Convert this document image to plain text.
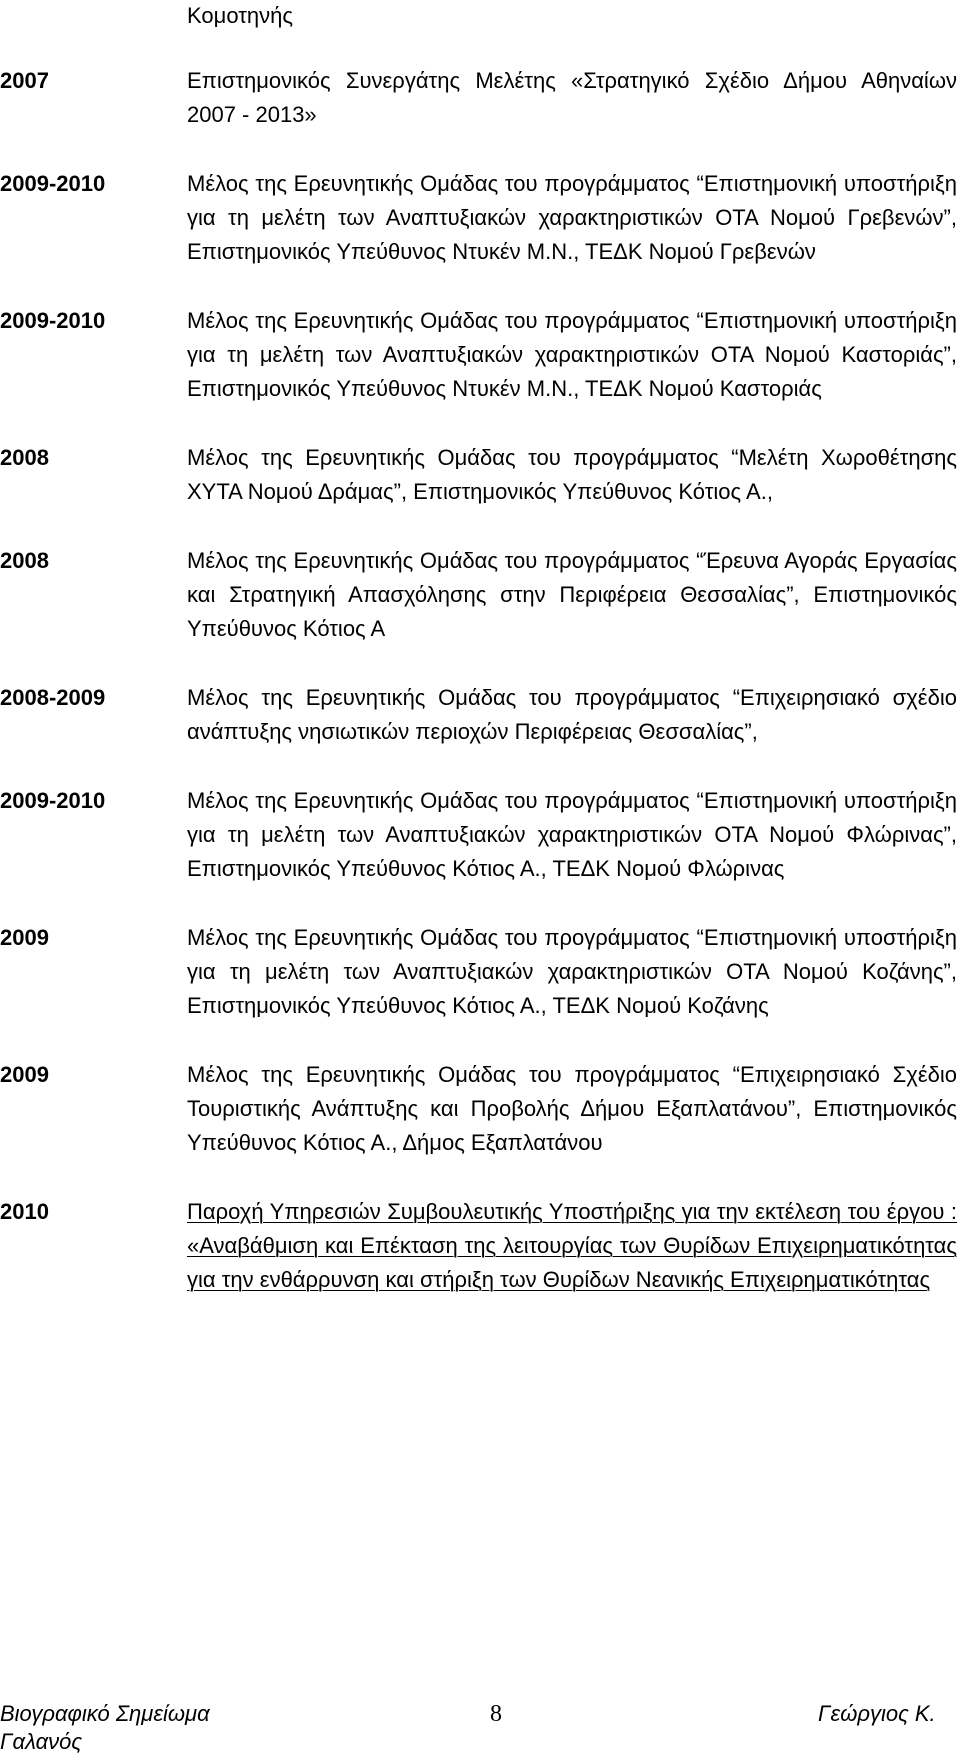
Κομοτηνής

2007	Επιστημονικός Συνεργάτης Μελέτης «Στρατηγικό Σχέδιο Δήμου Αθηναίων 2007 - 2013»
2009-2010	Μέλος της Ερευνητικής Ομάδας του προγράμματος “Επιστημονική υποστήριξη για τη μελέτη των Αναπτυξιακών χαρακτηριστικών ΟΤΑ Νομού Γρεβενών”, Επιστημονικός Υπεύθυνος Ντυκέν Μ.Ν., ΤΕΔΚ Νομού Γρεβενών
2009-2010	Μέλος της Ερευνητικής Ομάδας του προγράμματος “Επιστημονική υποστήριξη για τη μελέτη των Αναπτυξιακών χαρακτηριστικών ΟΤΑ Νομού Καστοριάς”, Επιστημονικός Υπεύθυνος Ντυκέν Μ.Ν., ΤΕΔΚ Νομού Καστοριάς
2008	Μέλος της Ερευνητικής Ομάδας του προγράμματος “Μελέτη Χωροθέτησης ΧΥΤΑ Νομού Δράμας”, Επιστημονικός Υπεύθυνος Κότιος Α.,
2008	Μέλος της Ερευνητικής Ομάδας του προγράμματος “Έρευνα Αγοράς Εργασίας και Στρατηγική Απασχόλησης στην Περιφέρεια Θεσσαλίας”, Επιστημονικός Υπεύθυνος Κότιος Α
2008-2009	Μέλος της Ερευνητικής Ομάδας του προγράμματος “Επιχειρησιακό σχέδιο ανάπτυξης νησιωτικών περιοχών Περιφέρειας Θεσσαλίας”,
2009-2010	Μέλος της Ερευνητικής Ομάδας του προγράμματος “Επιστημονική υποστήριξη για τη μελέτη των Αναπτυξιακών χαρακτηριστικών ΟΤΑ Νομού Φλώρινας”, Επιστημονικός Υπεύθυνος Κότιος Α., ΤΕΔΚ Νομού Φλώρινας
2009	Μέλος της Ερευνητικής Ομάδας του προγράμματος “Επιστημονική υποστήριξη για τη μελέτη των Αναπτυξιακών χαρακτηριστικών ΟΤΑ Νομού Κοζάνης”, Επιστημονικός Υπεύθυνος Κότιος Α., ΤΕΔΚ Νομού Κοζάνης
2009	Μέλος της Ερευνητικής Ομάδας του προγράμματος “Επιχειρησιακό Σχέδιο Τουριστικής Ανάπτυξης και Προβολής Δήμου Εξαπλατάνου”, Επιστημονικός Υπεύθυνος Κότιος Α., Δήμος Εξαπλατάνου
2010	Παροχή Υπηρεσιών Συμβουλευτικής Υποστήριξης για την εκτέλεση του έργου : «Αναβάθμιση και Επέκταση της λειτουργίας των Θυρίδων Επιχειρηματικότητας για την ενθάρρυνση και στήριξη των Θυρίδων Νεανικής Επιχειρηματικότητας
Βιογραφικό Σημείωμα	8	Γεώργιος Κ.
Γαλανός
